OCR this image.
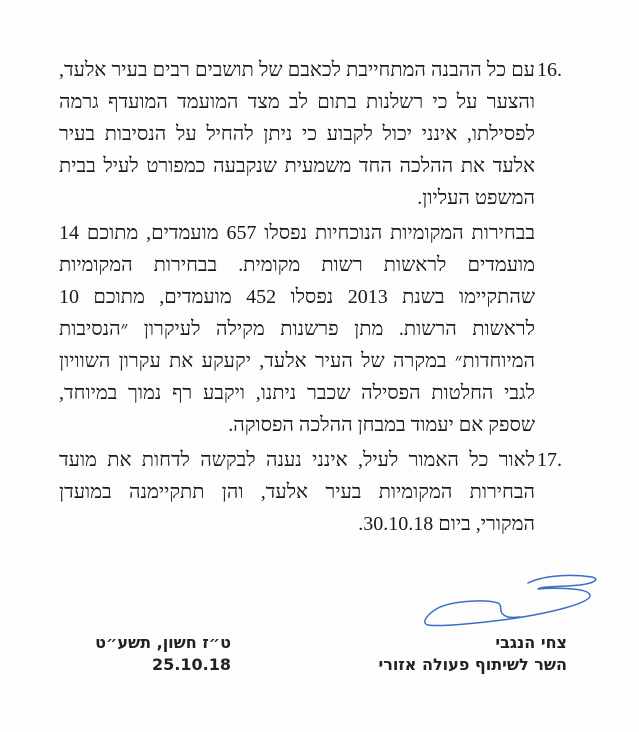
16.
עם כל ההבנה המתחייבת לכאבם של תושבים רבים בעיר אלעד,
והצער על כי רשלנות בתום לב מצד המועמד המועדף גרמה
לפסילתו, אינני יכול לקבוע כי ניתן להחיל על הנסיבות בעיר
אלעד את ההלכה החד משמעית שנקבעה כמפורט לעיל בבית
המשפט העליון.
בבחירות המקומיות הנוכחיות נפסלו 657 מועמדים, מתוכם 14
מועמדים לראשות רשות מקומית. בבחירות המקומיות
שהתקיימו בשנת 2013 נפסלו 452 מועמדים, מתוכם 10
לראשות הרשות. מתן פרשנות מקילה לעיקרון ״הנסיבות
המיוחדות״ במקרה של העיר אלעד, יקעקע את עקרון השוויון
לגבי החלטות הפסילה שכבר ניתנו, ויקבע רף נמוך במיוחד,
שספק אם יעמוד במבחן ההלכה הפסוקה.
17.
לאור כל האמור לעיל, אינני נענה לבקשה לדחות את מועד
הבחירות המקומיות בעיר אלעד, והן תתקיימנה במועדן
המקורי, ביום 30.10.18.
צחי הנגבי
השר לשיתוף פעולה אזורי
ט״ז חשון, תשע״ט
25.10.18
